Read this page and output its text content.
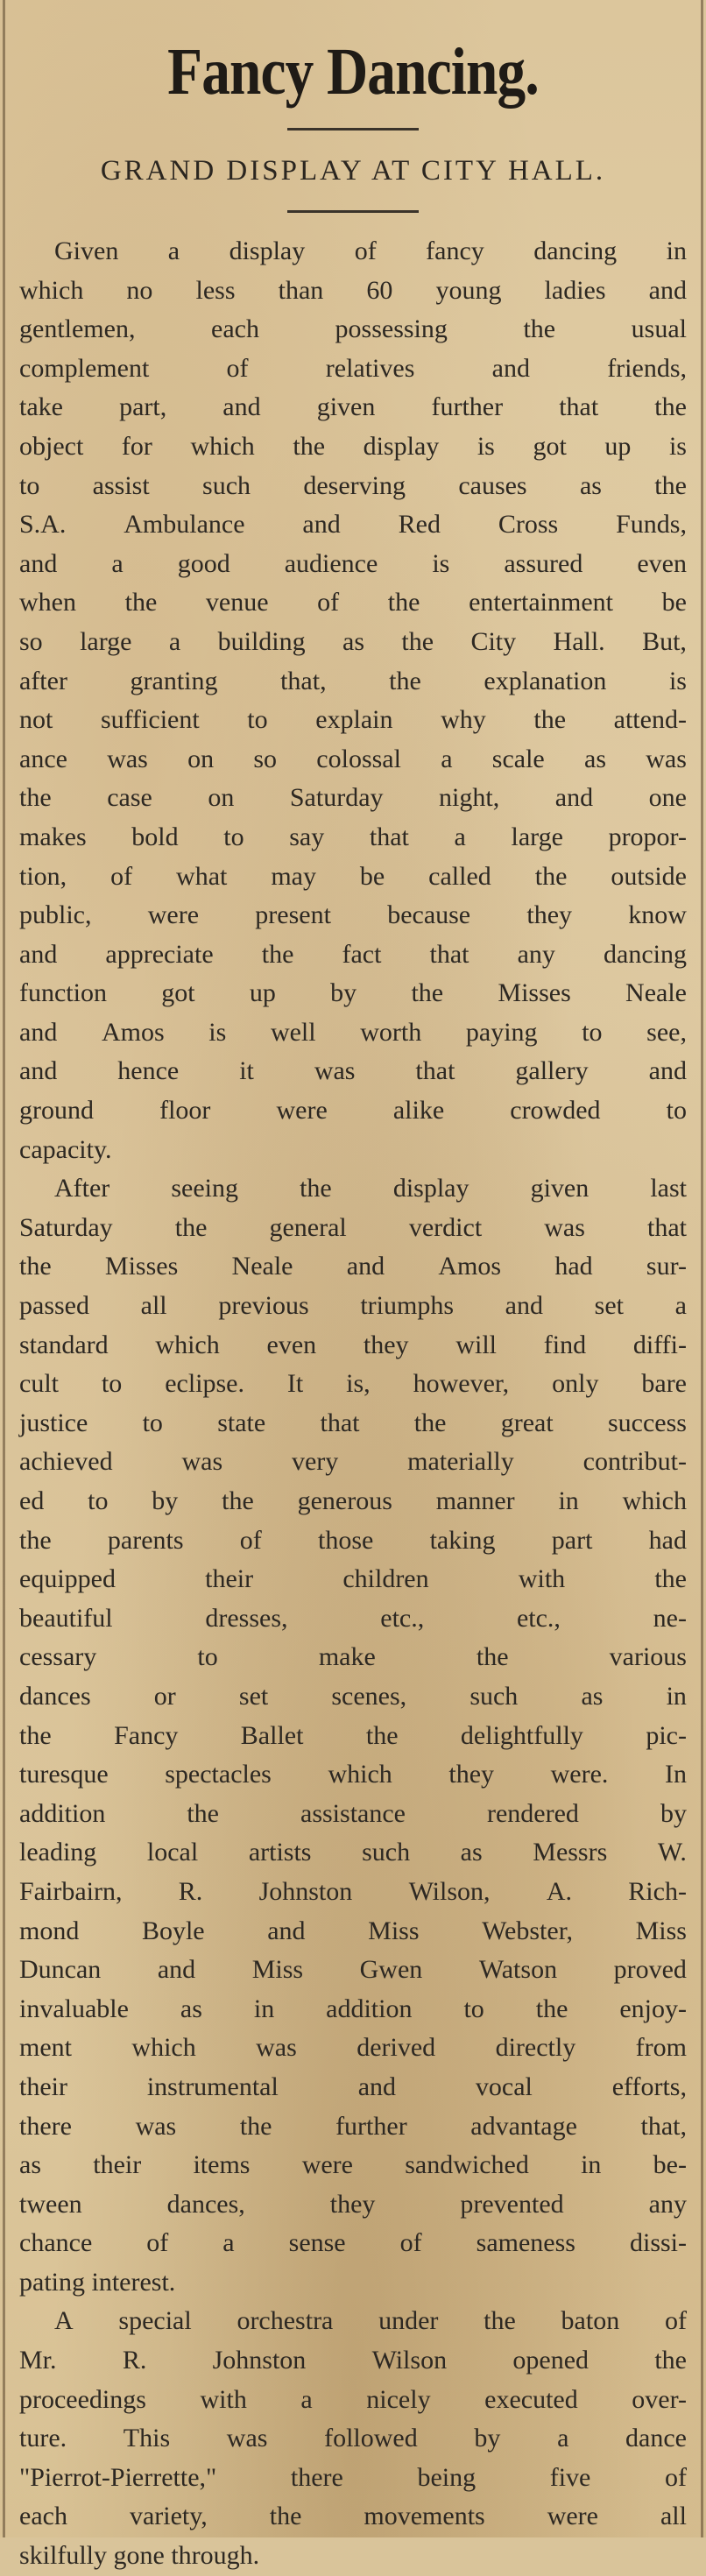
Fancy Dancing.
GRAND DISPLAY AT CITY HALL.
Given a display of fancy dancing in
which no less than 60 young ladies and
gentlemen,	each	possessing	the	usual
complement	of	relatives	and	friends,
take part, and given further that the
object for which the display is got up is
to assist such deserving causes as the
S.A. Ambulance and Red Cross Funds,
and a good audience is assured even
when the venue of the entertainment be
so large a building as the City Hall. But,
after granting that, the explanation is
not sufficient to explain why the attend-
ance was on so colossal a scale as was
the case on Saturday night, and one
makes bold to say that a large propor-
tion, of what may be called the outside
public, were present because they know
and appreciate the fact that any dancing
function got up by the Misses Neale
and Amos is well worth paying to see,
and hence it was that gallery and
ground	floor	were	alike	crowded	to
capacity.
After seeing the display given last
Saturday the general verdict was that
the Misses Neale and Amos had sur-
passed all previous triumphs and set a
standard which even they will find diffi-
cult to eclipse. It is, however, only bare
justice to state that the great success
achieved	was	very	materially	contribut-
ed to by the generous manner in which
the parents of those taking part had
equipped	their	children	with	the
beautiful	dresses,	etc.,	etc.,	ne-
cessary	to	make	the	various
dances or set scenes, such as in
the Fancy Ballet the delightfully pic-
turesque spectacles which they were. In
addition	the	assistance	rendered	by
leading local artists such as Messrs W.
Fairbairn, R. Johnston Wilson, A. Rich-
mond Boyle and Miss Webster, Miss
Duncan and Miss Gwen Watson proved
invaluable as in addition to the enjoy-
ment which was derived directly from
their	instrumental	and	vocal	efforts,
there was the further advantage that,
as their items were sandwiched in be-
tween	dances,	they	prevented	any
chance of a sense of sameness dissi-
pating interest.
A special orchestra under the baton of
Mr.	R.	Johnston	Wilson	opened	the
proceedings with a nicely executed over-
ture. This was followed by a dance
"Pierrot-Pierrette,"	there	being	five	of
each variety, the movements were all
skilfully gone through.
